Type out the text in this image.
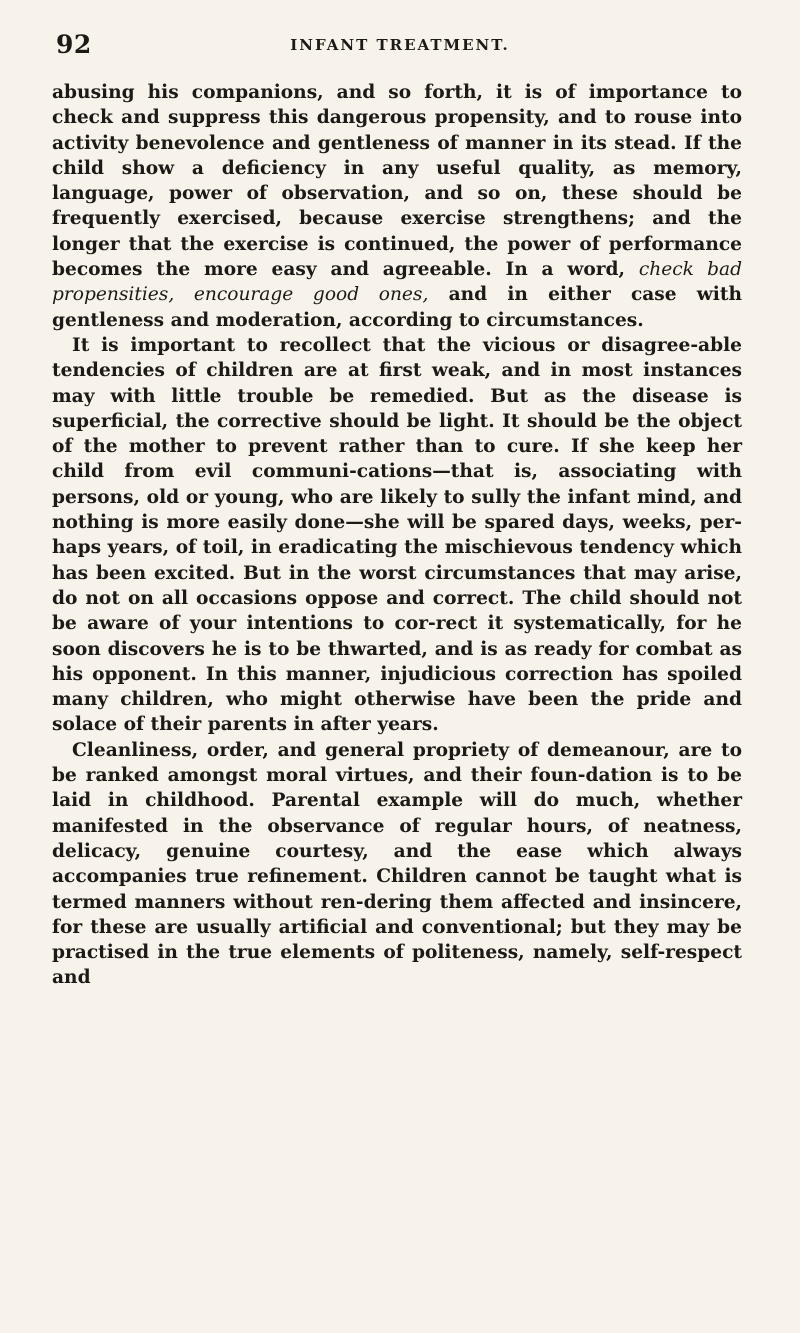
92	INFANT TREATMENT.

abusing his companions, and so forth, it is of importance to check and suppress this dangerous propensity, and to rouse into activity benevolence and gentleness of manner in its stead. If the child show a deficiency in any useful quality, as memory, language, power of observation, and so on, these should be frequently exercised, because exercise strengthens; and the longer that the exercise is continued, the power of performance becomes the more easy and agreeable. In a word, check bad propensities, encourage good ones, and in either case with gentleness and moderation, according to circumstances.

It is important to recollect that the vicious or disagree-able tendencies of children are at first weak, and in most instances may with little trouble be remedied. But as the disease is superficial, the corrective should be light. It should be the object of the mother to prevent rather than to cure. If she keep her child from evil communi-cations—that is, associating with persons, old or young, who are likely to sully the infant mind, and nothing is more easily done—she will be spared days, weeks, per-haps years, of toil, in eradicating the mischievous tendency which has been excited. But in the worst circumstances that may arise, do not on all occasions oppose and correct. The child should not be aware of your intentions to cor-rect it systematically, for he soon discovers he is to be thwarted, and is as ready for combat as his opponent. In this manner, injudicious correction has spoiled many children, who might otherwise have been the pride and solace of their parents in after years.

Cleanliness, order, and general propriety of demeanour, are to be ranked amongst moral virtues, and their foun-dation is to be laid in childhood. Parental example will do much, whether manifested in the observance of regular hours, of neatness, delicacy, genuine courtesy, and the ease which always accompanies true refinement. Children cannot be taught what is termed manners without ren-dering them affected and insincere, for these are usually artificial and conventional; but they may be practised in the true elements of politeness, namely, self-respect and
